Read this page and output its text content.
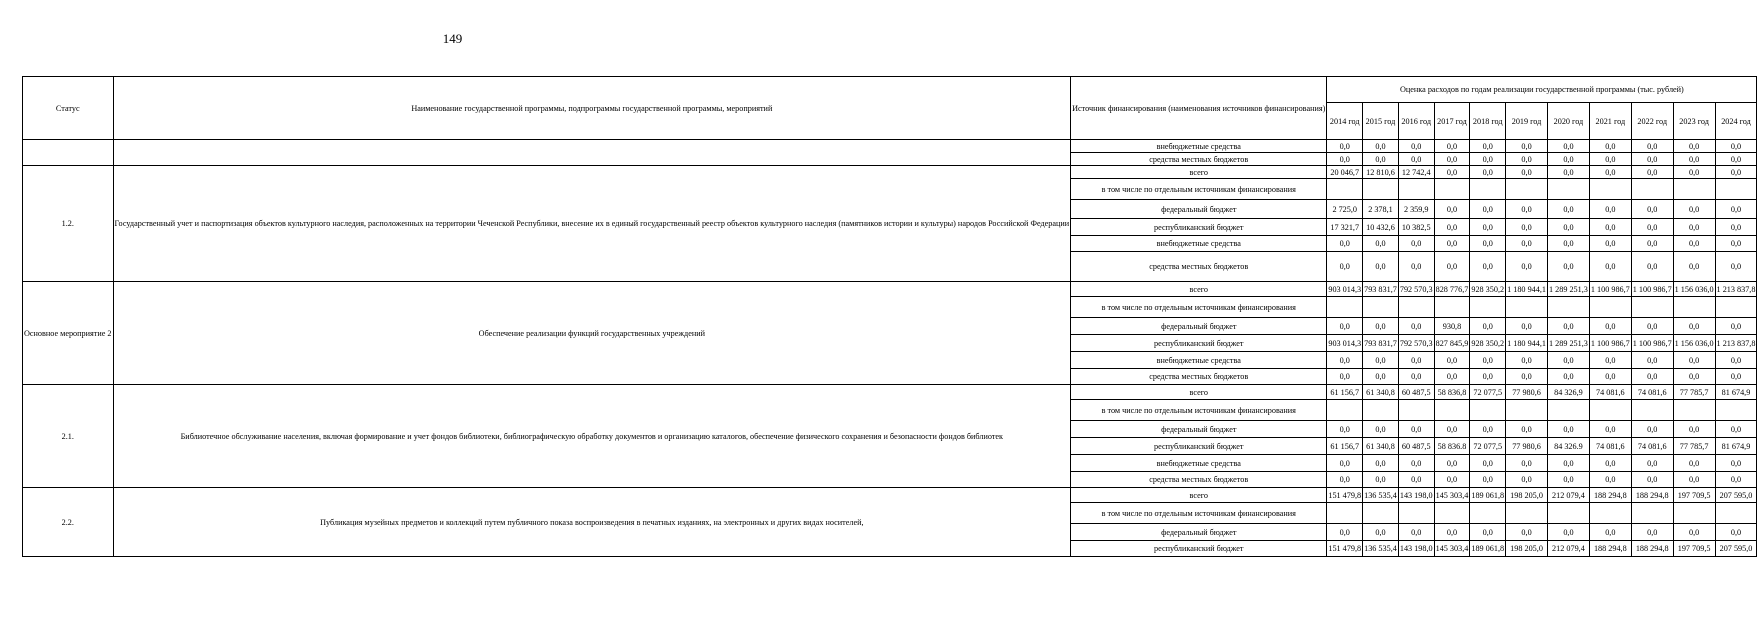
149
Статус	Наименование государственной программы, подпрограммы государственной программы, мероприятий	Источник финансирования (наименования источников финансирования)	Оценка расходов по годам реализации государственной программы (тыс. рублей)										
			2014 год	2015 год	2016 год	2017 год	2018 год	2019 год	2020 год	2021 год	2022 год	2023 год	2024 год
		внебюджетные средства	0,0	0,0	0,0	0,0	0,0	0,0	0,0	0,0	0,0	0,0	0,0
		средства местных бюджетов	0,0	0,0	0,0	0,0	0,0	0,0	0,0	0,0	0,0	0,0	0,0
1.2.	Государственный учет и паспортизация объектов культурного наследия, расположенных на территории Чеченской Республики, внесение их в единый государственный реестр объектов культурного наследия (памятников истории и культуры) народов Российской Федерации	всего	20 046,7	12 810,6	12 742,4	0,0	0,0	0,0	0,0	0,0	0,0	0,0	0,0
		в том числе по отдельным источникам финансирования											
		федеральный бюджет	2 725,0	2 378,1	2 359,9	0,0	0,0	0,0	0,0	0,0	0,0	0,0	0,0
		республиканский бюджет	17 321,7	10 432,6	10 382,5	0,0	0,0	0,0	0,0	0,0	0,0	0,0	0,0
		внебюджетные средства	0,0	0,0	0,0	0,0	0,0	0,0	0,0	0,0	0,0	0,0	0,0
		средства местных бюджетов	0,0	0,0	0,0	0,0	0,0	0,0	0,0	0,0	0,0	0,0	0,0
Основное мероприятие 2	Обеспечение реализации функций государственных учреждений	всего	903 014,3	793 831,7	792 570,3	828 776,7	928 350,2	1 180 944,1	1 289 251,3	1 100 986,7	1 100 986,7	1 156 036,0	1 213 837,8
		в том числе по отдельным источникам финансирования											
		федеральный бюджет	0,0	0,0	0,0	930,8	0,0	0,0	0,0	0,0	0,0	0,0	0,0
		республиканский бюджет	903 014,3	793 831,7	792 570,3	827 845,9	928 350,2	1 180 944,1	1 289 251,3	1 100 986,7	1 100 986,7	1 156 036,0	1 213 837,8
		внебюджетные средства	0,0	0,0	0,0	0,0	0,0	0,0	0,0	0,0	0,0	0,0	0,0
		средства местных бюджетов	0,0	0,0	0,0	0,0	0,0	0,0	0,0	0,0	0,0	0,0	0,0
2.1.	Библиотечное обслуживание населения, включая формирование и учет фондов библиотеки, библиографическую обработку документов и организацию каталогов, обеспечение физического сохранения и безопасности фондов библиотек	всего	61 156,7	61 340,8	60 487,5	58 836,8	72 077,5	77 980,6	84 326,9	74 081,6	74 081,6	77 785,7	81 674,9
		в том числе по отдельным источникам финансирования											
		федеральный бюджет	0,0	0,0	0,0	0,0	0,0	0,0	0,0	0,0	0,0	0,0	0,0
		республиканский бюджет	61 156,7	61 340,8	60 487,5	58 836.8	72 077,5	77 980,6	84 326.9	74 081,6	74 081,6	77 785,7	81 674,9
		внебюджетные средства	0,0	0,0	0,0	0,0	0,0	0,0	0,0	0,0	0,0	0,0	0,0
		средства местных бюджетов	0,0	0,0	0,0	0,0	0,0	0,0	0,0	0,0	0,0	0,0	0,0
2.2.	Публикация музейных предметов и коллекций путем публичного показа воспроизведения в печатных изданиях, на электронных и других видах носителей,	всего	151 479,8	136 535,4	143 198,0	145 303,4	189 061,8	198 205,0	212 079,4	188 294,8	188 294,8	197 709,5	207 595,0
		в том числе по отдельным источникам финансирования											
		федеральный бюджет	0,0	0,0	0,0	0,0	0,0	0,0	0,0	0,0	0,0	0,0	0,0
		республиканский бюджет	151 479,8	136 535,4	143 198,0	145 303,4	189 061,8	198 205,0	212 079,4	188 294,8	188 294,8	197 709,5	207 595,0
